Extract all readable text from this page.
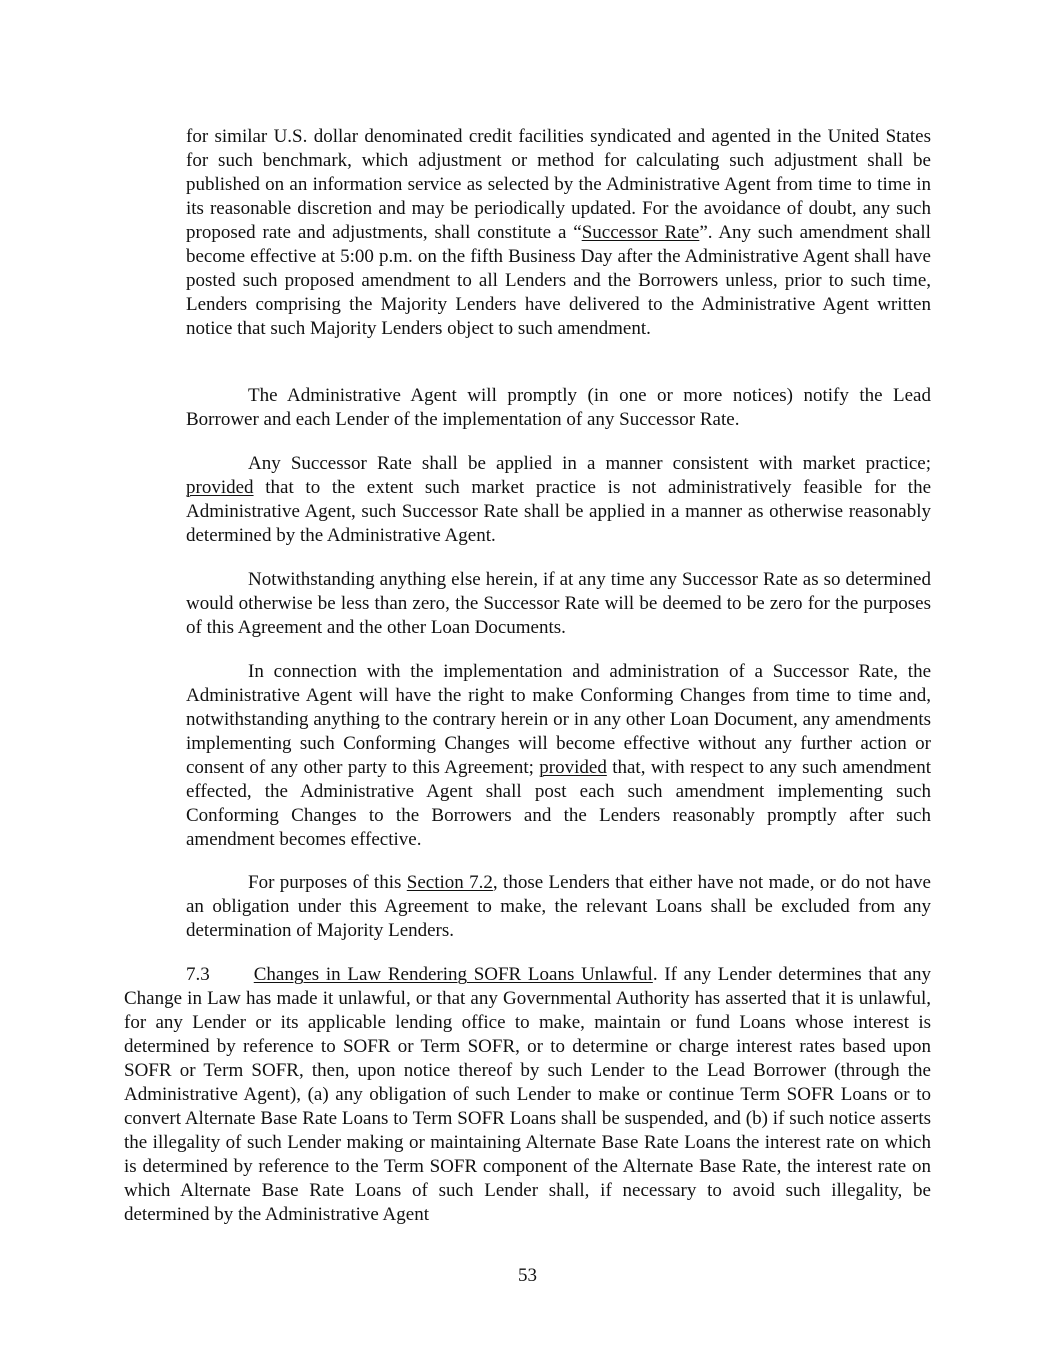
for similar U.S. dollar denominated credit facilities syndicated and agented in the United States for such benchmark, which adjustment or method for calculating such adjustment shall be published on an information service as selected by the Administrative Agent from time to time in its reasonable discretion and may be periodically updated. For the avoidance of doubt, any such proposed rate and adjustments, shall constitute a “Successor Rate”. Any such amendment shall become effective at 5:00 p.m. on the fifth Business Day after the Administrative Agent shall have posted such proposed amendment to all Lenders and the Borrowers unless, prior to such time, Lenders comprising the Majority Lenders have delivered to the Administrative Agent written notice that such Majority Lenders object to such amendment.

The Administrative Agent will promptly (in one or more notices) notify the Lead Borrower and each Lender of the implementation of any Successor Rate.

Any Successor Rate shall be applied in a manner consistent with market practice; provided that to the extent such market practice is not administratively feasible for the Administrative Agent, such Successor Rate shall be applied in a manner as otherwise reasonably determined by the Administrative Agent.

Notwithstanding anything else herein, if at any time any Successor Rate as so determined would otherwise be less than zero, the Successor Rate will be deemed to be zero for the purposes of this Agreement and the other Loan Documents.

In connection with the implementation and administration of a Successor Rate, the Administrative Agent will have the right to make Conforming Changes from time to time and, notwithstanding anything to the contrary herein or in any other Loan Document, any amendments implementing such Conforming Changes will become effective without any further action or consent of any other party to this Agreement; provided that, with respect to any such amendment effected, the Administrative Agent shall post each such amendment implementing such Conforming Changes to the Borrowers and the Lenders reasonably promptly after such amendment becomes effective.

For purposes of this Section 7.2, those Lenders that either have not made, or do not have an obligation under this Agreement to make, the relevant Loans shall be excluded from any determination of Majority Lenders.

7.3 Changes in Law Rendering SOFR Loans Unlawful. If any Lender determines that any Change in Law has made it unlawful, or that any Governmental Authority has asserted that it is unlawful, for any Lender or its applicable lending office to make, maintain or fund Loans whose interest is determined by reference to SOFR or Term SOFR, or to determine or charge interest rates based upon SOFR or Term SOFR, then, upon notice thereof by such Lender to the Lead Borrower (through the Administrative Agent), (a) any obligation of such Lender to make or continue Term SOFR Loans or to convert Alternate Base Rate Loans to Term SOFR Loans shall be suspended, and (b) if such notice asserts the illegality of such Lender making or maintaining Alternate Base Rate Loans the interest rate on which is determined by reference to the Term SOFR component of the Alternate Base Rate, the interest rate on which Alternate Base Rate Loans of such Lender shall, if necessary to avoid such illegality, be determined by the Administrative Agent

53
